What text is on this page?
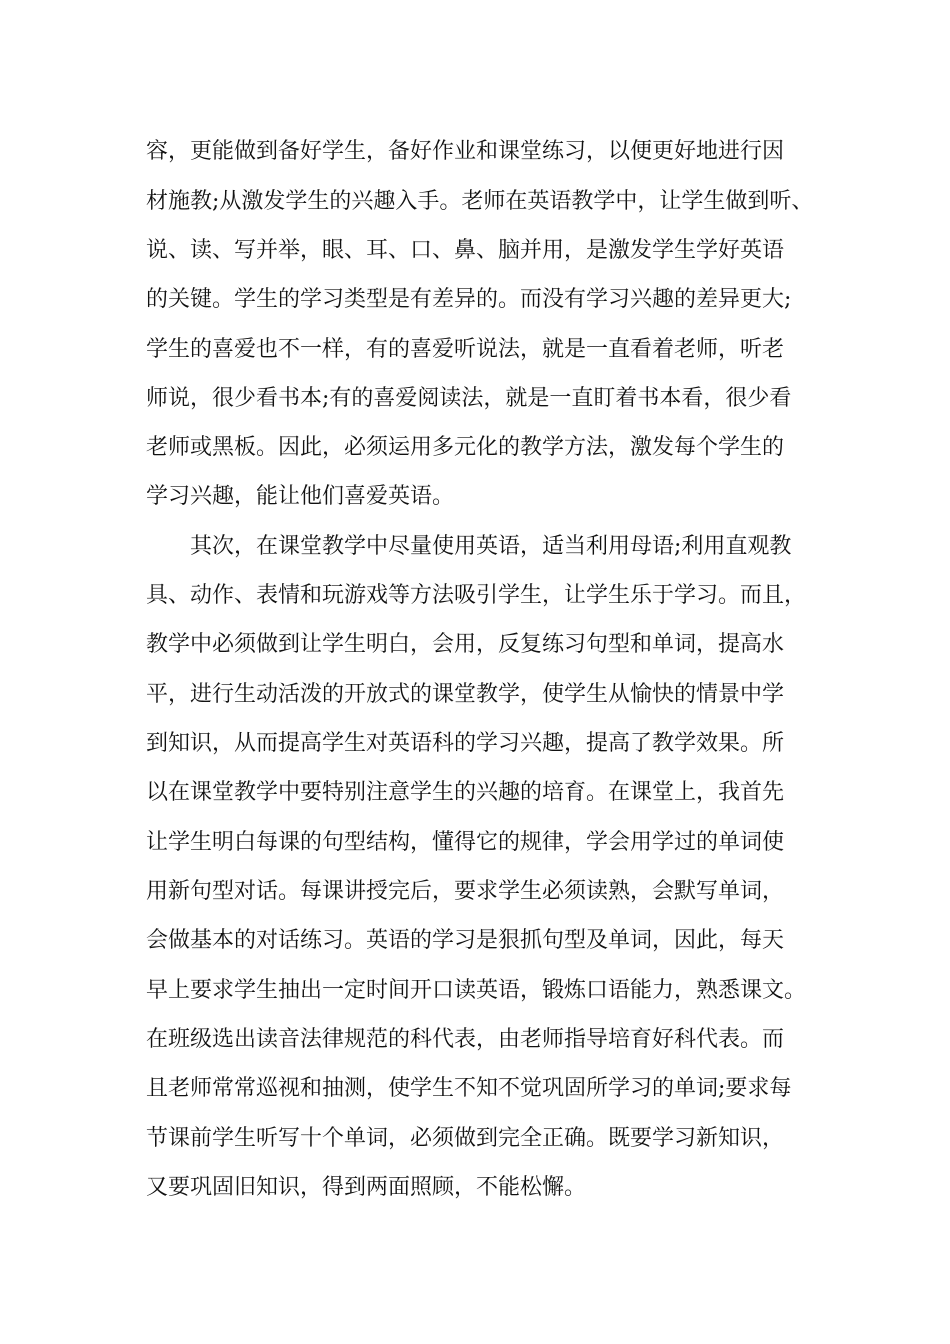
容，更能做到备好学生，备好作业和课堂练习，以便更好地进行因
材施教;从激发学生的兴趣入手。老师在英语教学中，让学生做到听、
说、读、写并举，眼、耳、口、鼻、脑并用，是激发学生学好英语
的关键。学生的学习类型是有差异的。而没有学习兴趣的差异更大;
学生的喜爱也不一样，有的喜爱听说法，就是一直看着老师，听老
师说，很少看书本;有的喜爱阅读法，就是一直盯着书本看，很少看
老师或黑板。因此，必须运用多元化的教学方法，激发每个学生的
学习兴趣，能让他们喜爱英语。
其次，在课堂教学中尽量使用英语，适当利用母语;利用直观教
具、动作、表情和玩游戏等方法吸引学生，让学生乐于学习。而且，
教学中必须做到让学生明白，会用，反复练习句型和单词，提高水
平，进行生动活泼的开放式的课堂教学，使学生从愉快的情景中学
到知识，从而提高学生对英语科的学习兴趣，提高了教学效果。所
以在课堂教学中要特别注意学生的兴趣的培育。在课堂上，我首先
让学生明白每课的句型结构，懂得它的规律，学会用学过的单词使
用新句型对话。每课讲授完后，要求学生必须读熟，会默写单词，
会做基本的对话练习。英语的学习是狠抓句型及单词，因此，每天
早上要求学生抽出一定时间开口读英语，锻炼口语能力，熟悉课文。
在班级选出读音法律规范的科代表，由老师指导培育好科代表。而
且老师常常巡视和抽测，使学生不知不觉巩固所学习的单词;要求每
节课前学生听写十个单词，必须做到完全正确。既要学习新知识，
又要巩固旧知识，得到两面照顾，不能松懈。
